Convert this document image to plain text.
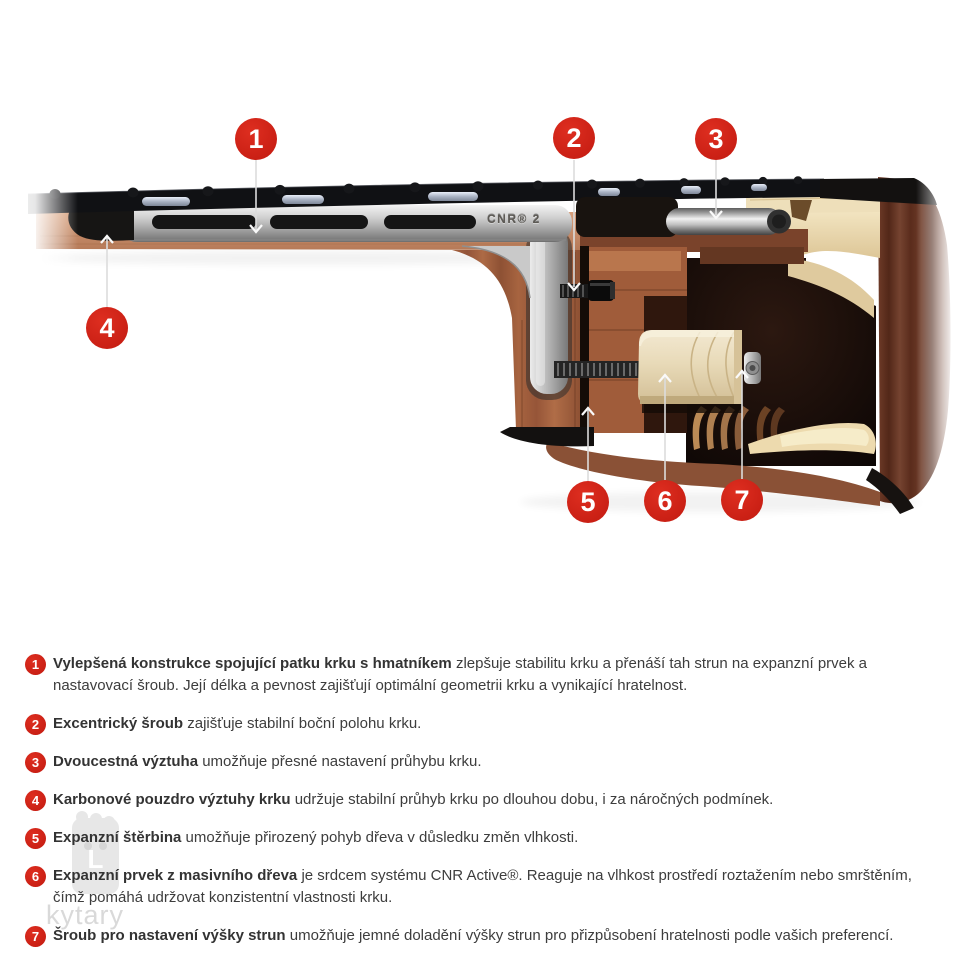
CNR® 2
1	2	3
4
5	6	7
L
kytary
1 Vylepšená konstrukce spojující patku krku s hmatníkem zlepšuje stabilitu krku a přenáší tah strun na expanzní prvek a nastavovací šroub. Její délka a pevnost zajišťují optimální geometrii krku a vynikající hratelnost.
2 Excentrický šroub zajišťuje stabilní boční polohu krku.
3 Dvoucestná výztuha umožňuje přesné nastavení průhybu krku.
4 Karbonové pouzdro výztuhy krku udržuje stabilní průhyb krku po dlouhou dobu, i za náročných podmínek.
5 Expanzní štěrbina umožňuje přirozený pohyb dřeva v důsledku změn vlhkosti.
6 Expanzní prvek z masivního dřeva je srdcem systému CNR Active®. Reaguje na vlhkost prostředí roztažením nebo smrštěním, čímž pomáhá udržovat konzistentní vlastnosti krku.
7 Šroub pro nastavení výšky strun umožňuje jemné doladění výšky strun pro přizpůsobení hratelnosti podle vašich preferencí.
